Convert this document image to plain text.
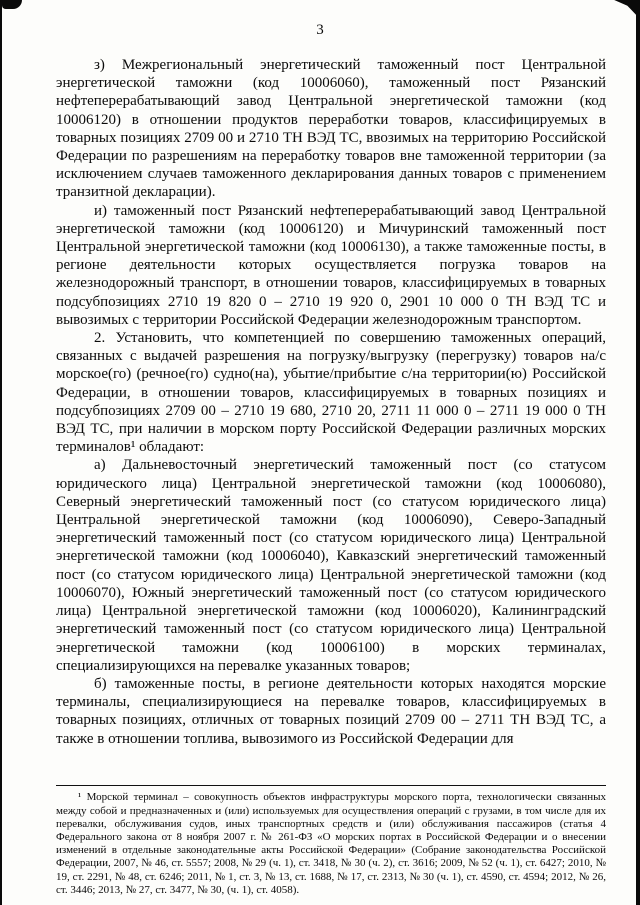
3

з) Межрегиональный энергетический таможенный пост Центральной энергетической таможни (код 10006060), таможенный пост Рязанский нефтеперерабатывающий завод Центральной энергетической таможни (код 10006120) в отношении продуктов переработки товаров, классифицируемых в товарных позициях 2709 00 и 2710 ТН ВЭД ТС, ввозимых на территорию Российской Федерации по разрешениям на переработку товаров вне таможенной территории (за исключением случаев таможенного декларирования данных товаров с применением транзитной декларации).

и) таможенный пост Рязанский нефтеперерабатывающий завод Центральной энергетической таможни (код 10006120) и Мичуринский таможенный пост Центральной энергетической таможни (код 10006130), а также таможенные посты, в регионе деятельности которых осуществляется погрузка товаров на железнодорожный транспорт, в отношении товаров, классифицируемых в товарных подсубпозициях 2710 19 820 0 – 2710 19 920 0, 2901 10 000 0 ТН ВЭД ТС и вывозимых с территории Российской Федерации железнодорожным транспортом.

2. Установить, что компетенцией по совершению таможенных операций, связанных с выдачей разрешения на погрузку/выгрузку (перегрузку) товаров на/с морское(го) (речное(го) судно(на), убытие/прибытие с/на территории(ю) Российской Федерации, в отношении товаров, классифицируемых в товарных позициях и подсубпозициях 2709 00 – 2710 19 680, 2710 20, 2711 11 000 0 – 2711 19 000 0 ТН ВЭД ТС, при наличии в морском порту Российской Федерации различных морских терминалов¹ обладают:

а) Дальневосточный энергетический таможенный пост (со статусом юридического лица) Центральной энергетической таможни (код 10006080), Северный энергетический таможенный пост (со статусом юридического лица) Центральной энергетической таможни (код 10006090), Северо-Западный энергетический таможенный пост (со статусом юридического лица) Центральной энергетической таможни (код 10006040), Кавказский энергетический таможенный пост (со статусом юридического лица) Центральной энергетической таможни (код 10006070), Южный энергетический таможенный пост (со статусом юридического лица) Центральной энергетической таможни (код 10006020), Калининградский энергетический таможенный пост (со статусом юридического лица) Центральной энергетической таможни (код 10006100) в морских терминалах, специализирующихся на перевалке указанных товаров;

б) таможенные посты, в регионе деятельности которых находятся морские терминалы, специализирующиеся на перевалке товаров, классифицируемых в товарных позициях, отличных от товарных позиций 2709 00 – 2711 ТН ВЭД ТС, а также в отношении топлива, вывозимого из Российской Федерации для

¹ Морской терминал – совокупность объектов инфраструктуры морского порта, технологически связанных между собой и предназначенных и (или) используемых для осуществления операций с грузами, в том числе для их перевалки, обслуживания судов, иных транспортных средств и (или) обслуживания пассажиров (статья 4 Федерального закона от 8 ноября 2007 г. № 261-ФЗ «О морских портах в Российской Федерации и о внесении изменений в отдельные законодательные акты Российской Федерации» (Собрание законодательства Российской Федерации, 2007, № 46, ст. 5557; 2008, № 29 (ч. 1), ст. 3418, № 30 (ч. 2), ст. 3616; 2009, № 52 (ч. 1), ст. 6427; 2010, № 19, ст. 2291, № 48, ст. 6246; 2011, № 1, ст. 3, № 13, ст. 1688, № 17, ст. 2313, № 30 (ч. 1), ст. 4590, ст. 4594; 2012, № 26, ст. 3446; 2013, № 27, ст. 3477, № 30, (ч. 1), ст. 4058).
